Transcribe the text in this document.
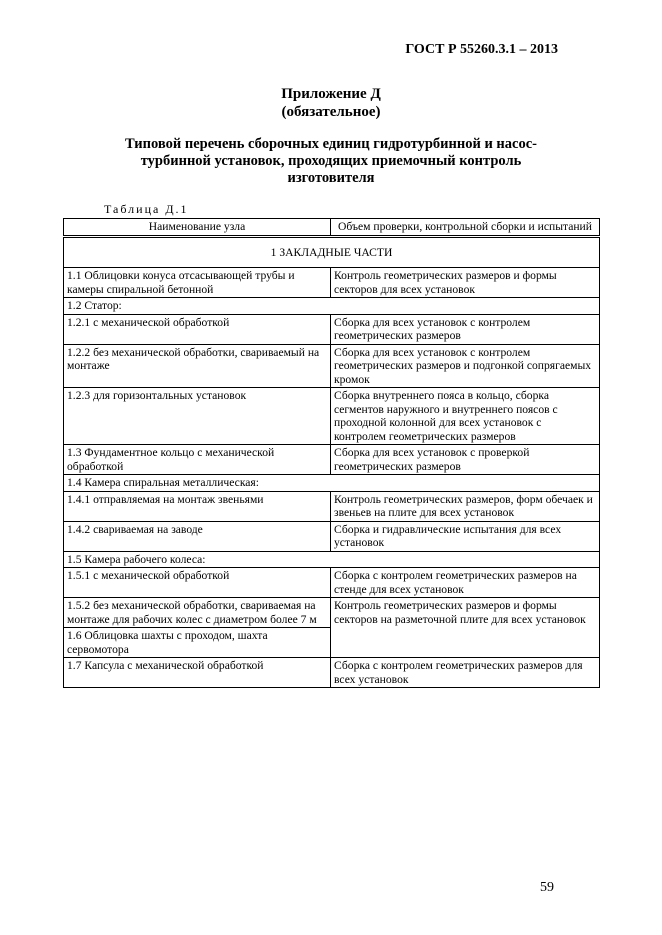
ГОСТ Р 55260.3.1 – 2013
Приложение Д
(обязательное)
Типовой перечень сборочных единиц гидротурбинной и насос-
турбинной установок, проходящих приемочный контроль
изготовителя
Таблица Д.1
Наименование узла	Объем проверки, контрольной сборки и испытаний
1 ЗАКЛАДНЫЕ ЧАСТИ	
1.1 Облицовки конуса отсасывающей трубы и камеры спиральной бетонной	Контроль геометрических размеров и формы секторов для всех установок
1.2 Статор:	
1.2.1 с механической обработкой	Сборка для всех установок с контролем геометрических размеров
1.2.2 без механической обработки, свариваемый на монтаже	Сборка для всех установок с контролем геометрических размеров и подгонкой сопрягаемых кромок
1.2.3 для горизонтальных установок	Сборка внутреннего пояса в кольцо, сборка сегментов наружного и внутреннего поясов с проходной колонной для всех установок с контролем геометрических размеров
1.3 Фундаментное кольцо с механической обработкой	Сборка для всех установок с проверкой геометрических размеров
1.4 Камера спиральная металлическая:	
1.4.1 отправляемая на монтаж звеньями	Контроль геометрических размеров, форм обечаек и звеньев на плите для всех установок
1.4.2 свариваемая на заводе	Сборка и гидравлические испытания для всех установок
1.5 Камера рабочего колеса:	
1.5.1 с механической обработкой	Сборка с контролем геометрических размеров на стенде для всех установок
1.5.2 без механической обработки, свариваемая на монтаже для рабочих колес с диаметром более 7 м	Контроль геометрических размеров и формы секторов на разметочной плите для всех установок
1.6 Облицовка шахты с проходом, шахта сервомотора	
1.7 Капсула с механической обработкой	Сборка с контролем геометрических размеров для всех установок
59
